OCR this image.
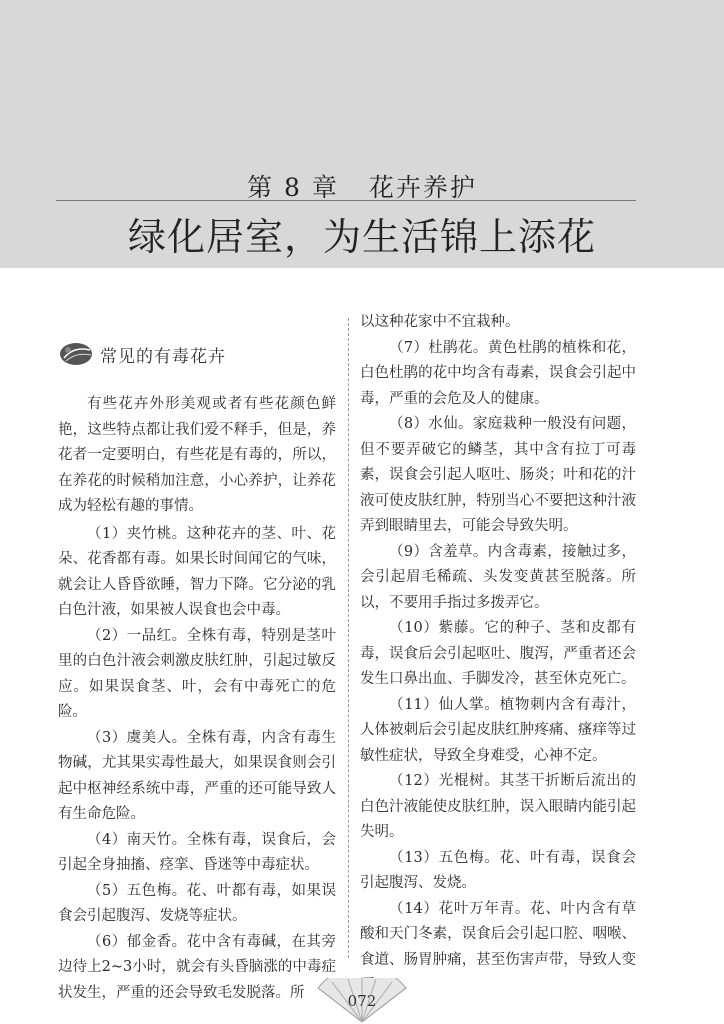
第 8 章 花卉养护
绿化居室，为生活锦上添花
常见的有毒花卉

有些花卉外形美观或者有些花颜色鲜艳，这些特点都让我们爱不释手，但是，养花者一定要明白，有些花是有毒的，所以，在养花的时候稍加注意，小心养护，让养花成为轻松有趣的事情。

（1）夹竹桃。这种花卉的茎、叶、花朵、花香都有毒。如果长时间闻它的气味，就会让人昏昏欲睡，智力下降。它分泌的乳白色汁液，如果被人误食也会中毒。

（2）一品红。全株有毒，特别是茎叶里的白色汁液会刺激皮肤红肿，引起过敏反应。如果误食茎、叶，会有中毒死亡的危险。

（3）虞美人。全株有毒，内含有毒生物碱，尤其果实毒性最大，如果误食则会引起中枢神经系统中毒，严重的还可能导致人有生命危险。

（4）南天竹。全株有毒，误食后，会引起全身抽搐、痉挛、昏迷等中毒症状。

（5）五色梅。花、叶都有毒，如果误食会引起腹泻、发烧等症状。

（6）郁金香。花中含有毒碱，在其旁边待上2~3小时，就会有头昏脑涨的中毒症状发生，严重的还会导致毛发脱落。所

以这种花家中不宜栽种。

（7）杜鹃花。黄色杜鹃的植株和花，白色杜鹃的花中均含有毒素，误食会引起中毒，严重的会危及人的健康。

（8）水仙。家庭栽种一般没有问题，但不要弄破它的鳞茎，其中含有拉丁可毒素，误食会引起人呕吐、肠炎；叶和花的汁液可使皮肤红肿，特别当心不要把这种汁液弄到眼睛里去，可能会导致失明。

（9）含羞草。内含毒素，接触过多，会引起眉毛稀疏、头发变黄甚至脱落。所以，不要用手指过多拨弄它。

（10）紫藤。它的种子、茎和皮都有毒，误食后会引起呕吐、腹泻，严重者还会发生口鼻出血、手脚发冷，甚至休克死亡。

（11）仙人掌。植物刺内含有毒汁，人体被刺后会引起皮肤红肿疼痛、瘙痒等过敏性症状，导致全身难受，心神不定。

（12）光棍树。其茎干折断后流出的白色汁液能使皮肤红肿，误入眼睛内能引起失明。

（13）五色梅。花、叶有毒，误食会引起腹泻、发烧。

（14）花叶万年青。花、叶内含有草酸和天门冬素，误食后会引起口腔、咽喉、食道、肠胃肿痛，甚至伤害声带，导致人变

072
